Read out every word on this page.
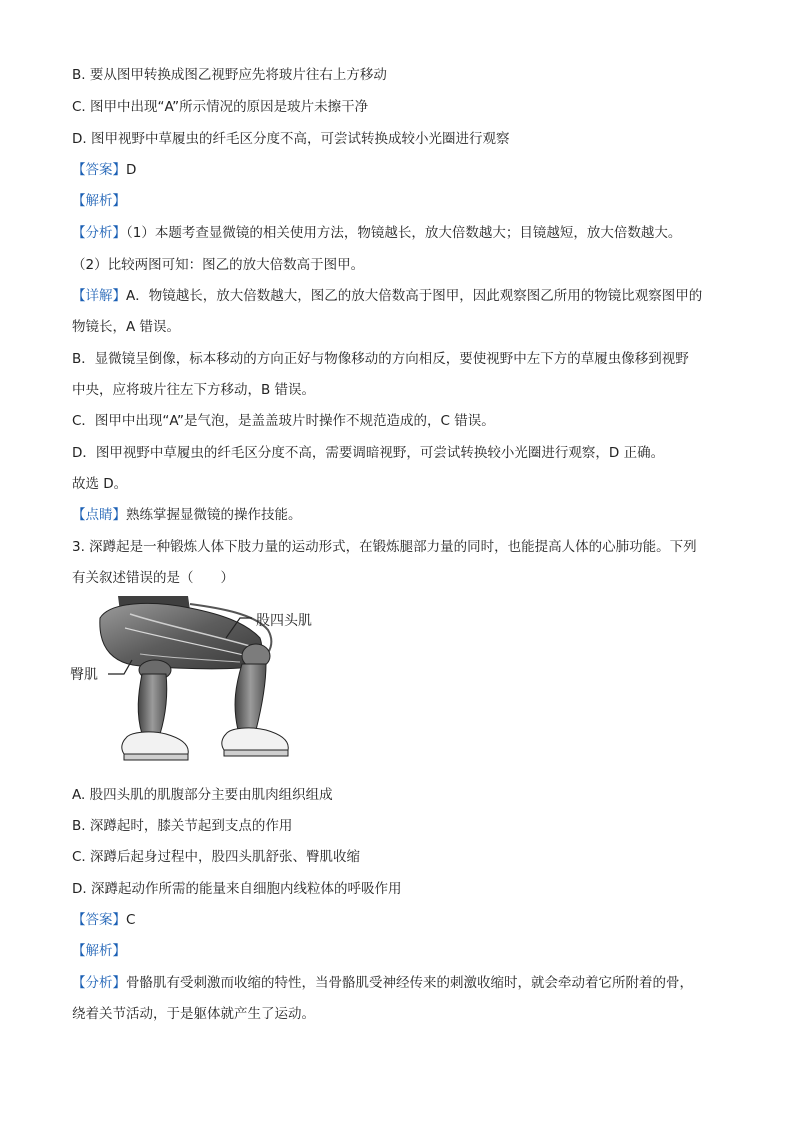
B. 要从图甲转换成图乙视野应先将玻片往右上方移动
C. 图甲中出现“A”所示情况的原因是玻片未擦干净
D. 图甲视野中草履虫的纤毛区分度不高，可尝试转换成较小光圈进行观察
【答案】D
【解析】
【分析】（1）本题考查显微镜的相关使用方法，物镜越长，放大倍数越大；目镜越短，放大倍数越大。
（2）比较两图可知：图乙的放大倍数高于图甲。
【详解】A．物镜越长，放大倍数越大，图乙的放大倍数高于图甲，因此观察图乙所用的物镜比观察图甲的
物镜长，A 错误。
B．显微镜呈倒像，标本移动的方向正好与物像移动的方向相反，要使视野中左下方的草履虫像移到视野
中央，应将玻片往左下方移动，B 错误。
C．图甲中出现“A”是气泡，是盖盖玻片时操作不规范造成的，C 错误。
D．图甲视野中草履虫的纤毛区分度不高，需要调暗视野，可尝试转换较小光圈进行观察，D 正确。
故选 D。
【点睛】熟练掌握显微镜的操作技能。
3. 深蹲起是一种锻炼人体下肢力量的运动形式，在锻炼腿部力量的同时，也能提高人体的心肺功能。下列
有关叙述错误的是（　　）
股四头肌
臀肌
A. 股四头肌的肌腹部分主要由肌肉组织组成
B. 深蹲起时，膝关节起到支点的作用
C. 深蹲后起身过程中，股四头肌舒张、臀肌收缩
D. 深蹲起动作所需的能量来自细胞内线粒体的呼吸作用
【答案】C
【解析】
【分析】骨骼肌有受刺激而收缩的特性，当骨骼肌受神经传来的刺激收缩时，就会牵动着它所附着的骨，
绕着关节活动，于是躯体就产生了运动。
